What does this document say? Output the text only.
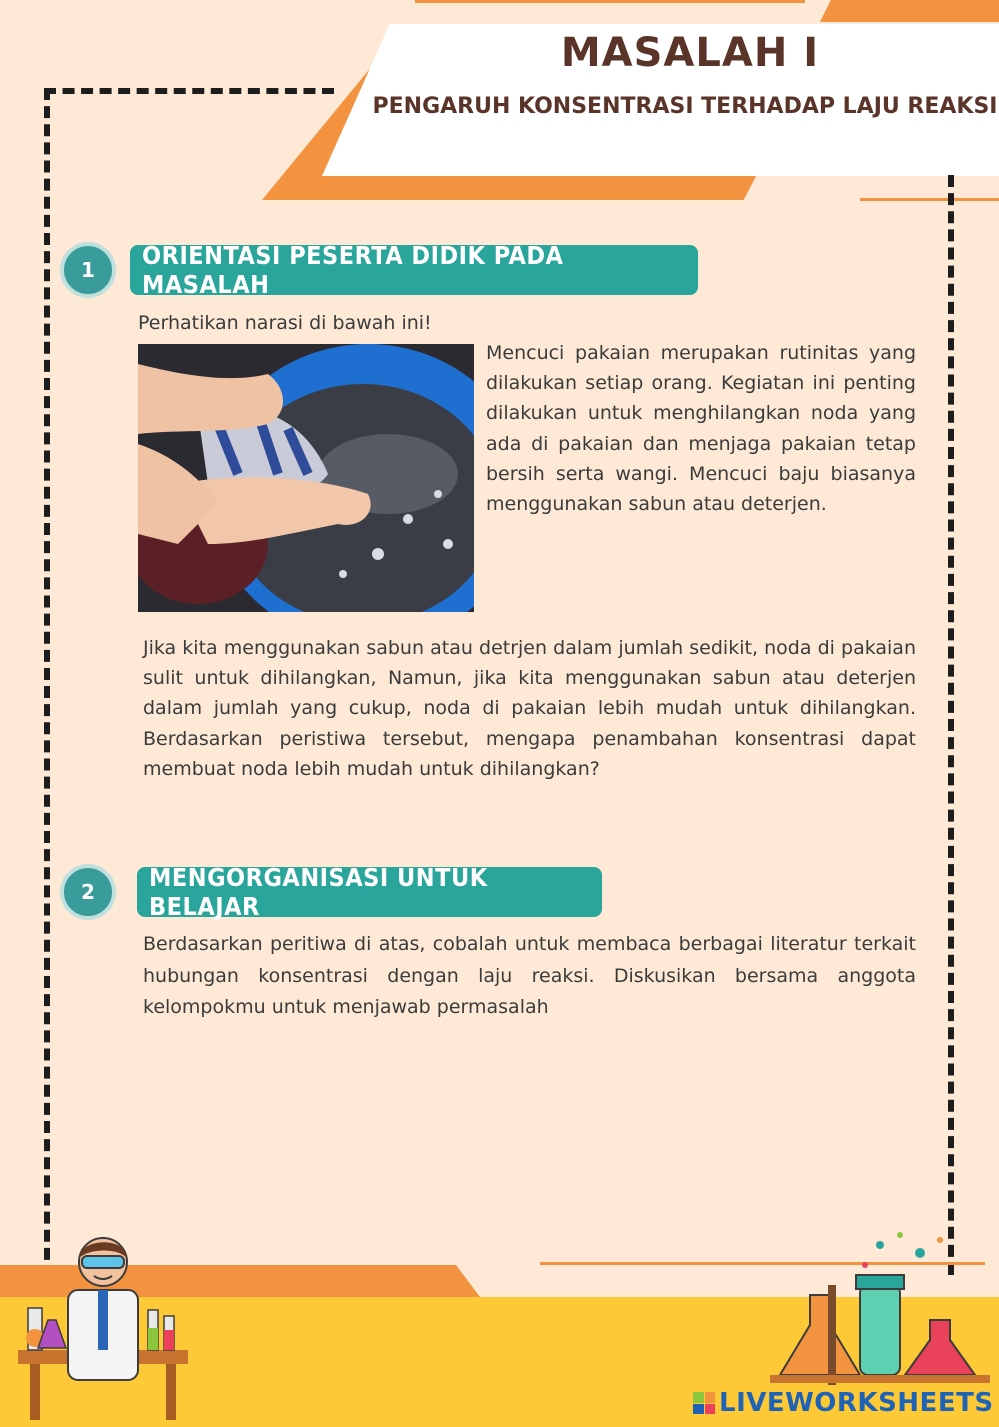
MASALAH I
PENGARUH KONSENTRASI TERHADAP LAJU REAKSI
1	ORIENTASI PESERTA DIDIK PADA MASALAH
Perhatikan narasi di bawah ini!
Mencuci pakaian merupakan rutinitas yang dilakukan setiap orang. Kegiatan ini penting dilakukan untuk menghilangkan noda yang ada di pakaian dan menjaga pakaian tetap bersih serta wangi. Mencuci baju biasanya menggunakan sabun atau deterjen.
Jika kita menggunakan sabun atau detrjen dalam jumlah sedikit, noda di pakaian sulit untuk dihilangkan, Namun, jika kita menggunakan sabun atau deterjen dalam jumlah yang cukup, noda di pakaian lebih mudah untuk dihilangkan. Berdasarkan peristiwa tersebut, mengapa penambahan konsentrasi dapat membuat noda lebih mudah untuk dihilangkan?
2	MENGORGANISASI UNTUK BELAJAR
Berdasarkan peritiwa di atas, cobalah untuk membaca berbagai literatur terkait hubungan konsentrasi dengan laju reaksi. Diskusikan bersama anggota kelompokmu untuk menjawab permasalah
LIVEWORKSHEETS
